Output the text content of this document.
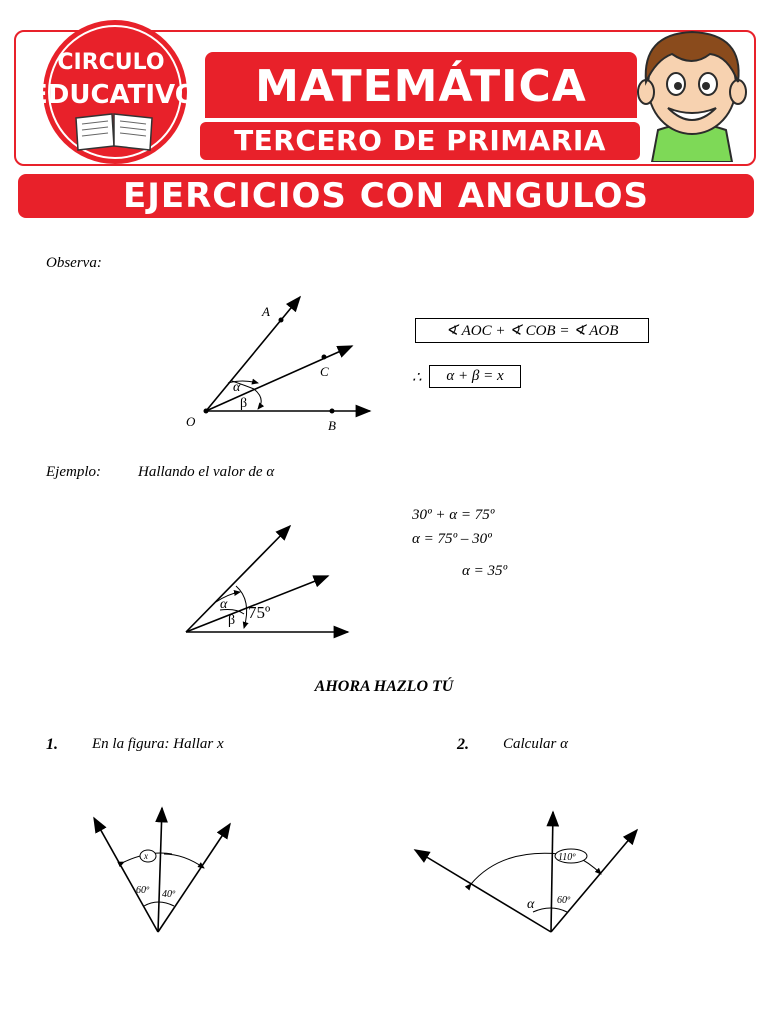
MATEMÁTICA
TERCERO DE PRIMARIA
CIRCULO
EDUCATIVO
EJERCICIOS CON ANGULOS
Observa:
A
C
O	B
α
β
∢ AOC + ∢ COB = ∢ AOB
∴	α + β = x
Ejemplo: Hallando el valor de α
α
β 75º
30º + α = 75º
α = 75º – 30º
α = 35º
AHORA HAZLO TÚ
1. En la figura: Hallar x	2. Calcular α
x
60º 40º
110º
α 60º
